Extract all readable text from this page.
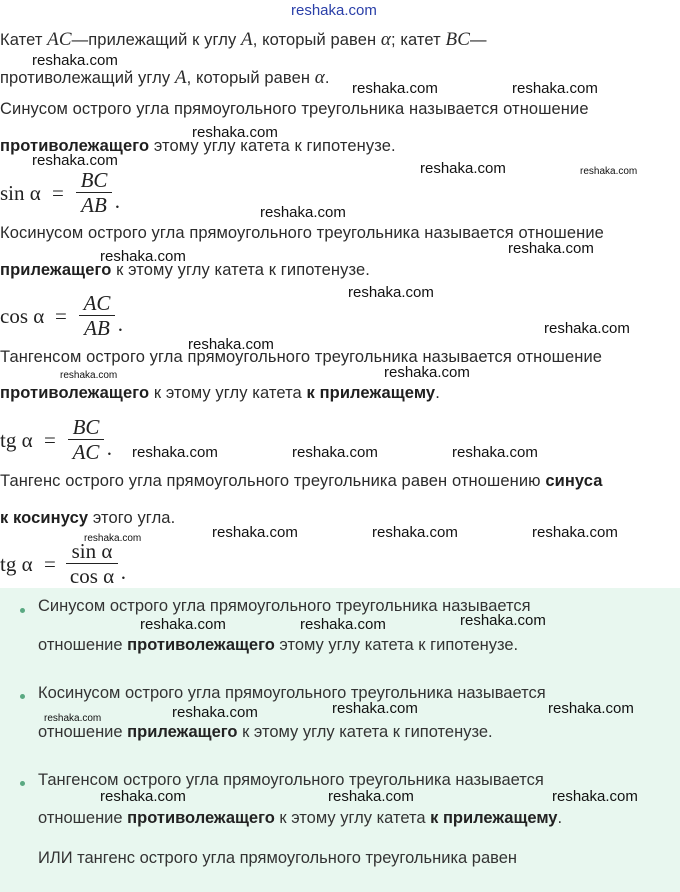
reshaka.com
Катет AC—прилежащий к углу A, который равен α; катет BC—
противолежащий углу A, который равен α.
Синусом острого угла прямоугольного треугольника называется отношение
противолежащего этому углу катета к гипотенузе.
sin α =
BC
AB .
Косинусом острого угла прямоугольного треугольника называется отношение
прилежащего к этому углу катета к гипотенузе.
cos α =
AC
AB .
Тангенсом острого угла прямоугольного треугольника называется отношение
противолежащего к этому углу катета к прилежащему.
tg α =
BC
AC .
Тангенс острого угла прямоугольного треугольника равен отношению синуса
к косинусу этого угла.
tg α =
sin α
cos α .
Синусом острого угла прямоугольного треугольника называется
отношение противолежащего этому углу катета к гипотенузе.
Косинусом острого угла прямоугольного треугольника называется
отношение прилежащего к этому углу катета к гипотенузе.
Тангенсом острого угла прямоугольного треугольника называется
отношение противолежащего к этому углу катета к прилежащему.
ИЛИ тангенс острого угла прямоугольного треугольника равен
reshaka.com
reshaka.com	reshaka.com
reshaka.com
reshaka.com	reshaka.com	reshaka.com
reshaka.com
reshaka.com
reshaka.com
reshaka.com
reshaka.com
reshaka.com
reshaka.com	reshaka.com
reshaka.com	reshaka.com	reshaka.com
reshaka.com	reshaka.com	reshaka.com	reshaka.com
reshaka.com	reshaka.com	reshaka.com
reshaka.com	reshaka.com	reshaka.com	reshaka.com
reshaka.com	reshaka.com	reshaka.com
